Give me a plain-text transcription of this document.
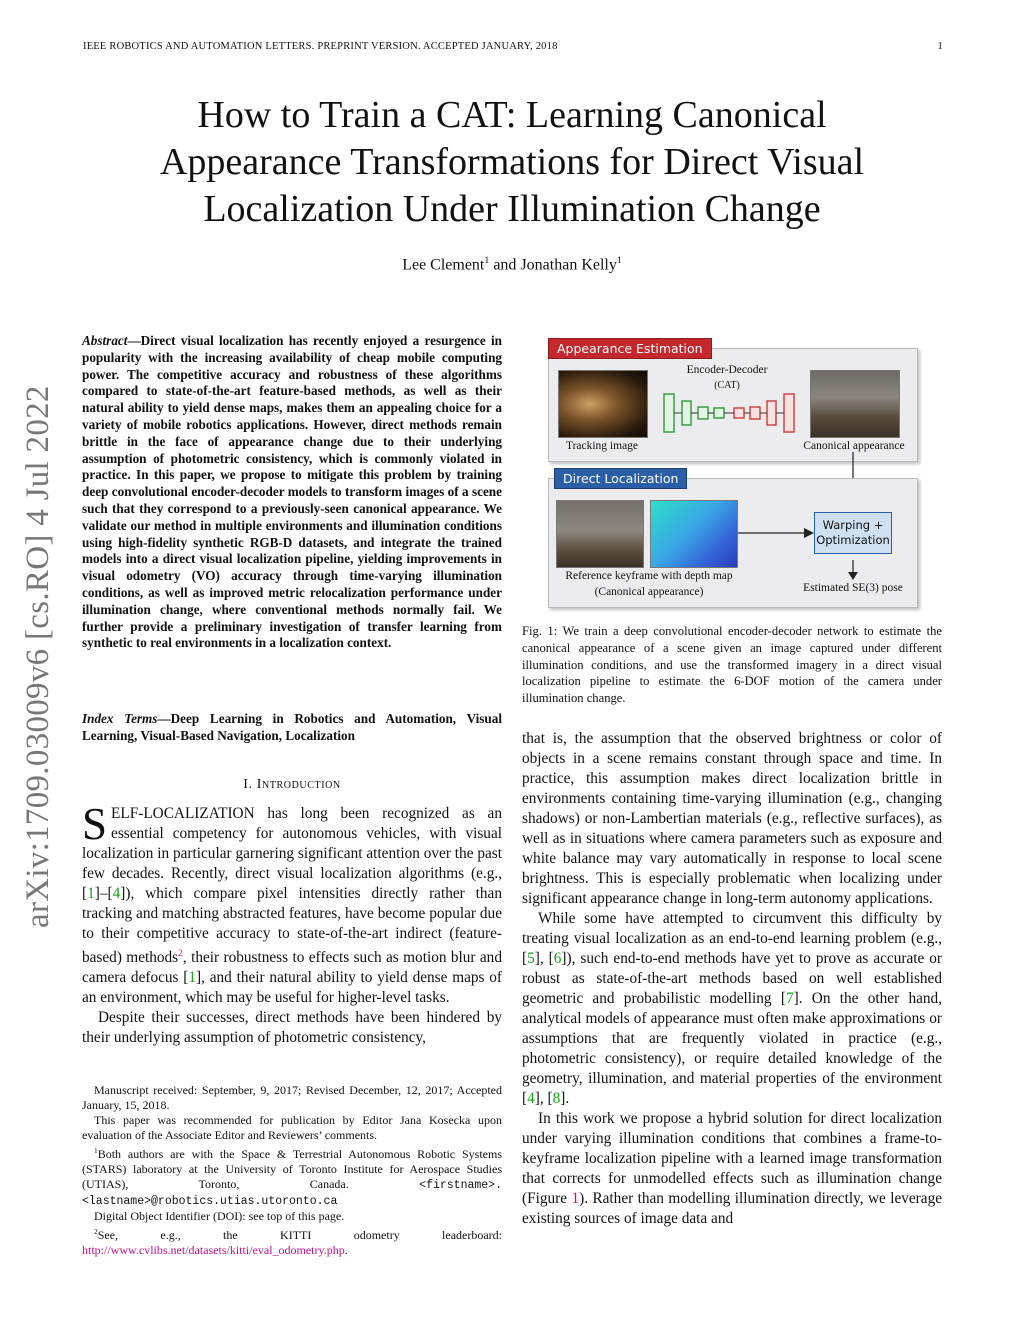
IEEE ROBOTICS AND AUTOMATION LETTERS. PREPRINT VERSION. ACCEPTED JANUARY, 2018	1
How to Train a CAT: Learning Canonical
Appearance Transformations for Direct Visual
Localization Under Illumination Change
Lee Clement$^1$ and Jonathan Kelly$^1$
arXiv:1709.03009v6 [cs.RO] 4 Jul 2022
Abstract—Direct visual localization has recently enjoyed a resurgence in popularity with the increasing availability of cheap mobile computing power. The competitive accuracy and robustness of these algorithms compared to state-of-the-art feature-based methods, as well as their natural ability to yield dense maps, makes them an appealing choice for a variety of mobile robotics applications. However, direct methods remain brittle in the face of appearance change due to their underlying assumption of photometric consistency, which is commonly violated in practice. In this paper, we propose to mitigate this problem by training deep convolutional encoder-decoder models to transform images of a scene such that they correspond to a previously-seen canonical appearance. We validate our method in multiple environments and illumination conditions using high-fidelity synthetic RGB-D datasets, and integrate the trained models into a direct visual localization pipeline, yielding improvements in visual odometry (VO) accuracy through time-varying illumination conditions, as well as improved metric relocalization performance under illumination change, where conventional methods normally fail. We further provide a preliminary investigation of transfer learning from synthetic to real environments in a localization context.
Index Terms—Deep Learning in Robotics and Automation, Visual Learning, Visual-Based Navigation, Localization
I. Introduction

SELF-LOCALIZATION has long been recognized as an essential competency for autonomous vehicles, with visual localization in particular garnering significant attention over the past few decades. Recently, direct visual localization algorithms (e.g., [1]–[4]), which compare pixel intensities directly rather than tracking and matching abstracted features, have become popular due to their competitive accuracy to state-of-the-art indirect (feature-based) methods$^2$, their robustness to effects such as motion blur and camera defocus [1], and their natural ability to yield dense maps of an environment, which may be useful for higher-level tasks.

Despite their successes, direct methods have been hindered by their underlying assumption of photometric consistency,

Manuscript received: September, 9, 2017; Revised December, 12, 2017; Accepted January, 15, 2018.

This paper was recommended for publication by Editor Jana Kosecka upon evaluation of the Associate Editor and Reviewers’ comments.

$^1$Both authors are with the Space & Terrestrial Autonomous Robotic Systems (STARS) laboratory at the University of Toronto Institute for Aerospace Studies (UTIAS), Toronto, Canada.	<firstname>.<lastname>@robotics.utias.utoronto.ca

Digital Object Identifier (DOI): see top of this page.

$^2$See, e.g., the KITTI odometry leaderboard: http://www.cvlibs.net/datasets/kitti/eval_odometry.php.

Appearance Estimation
Tracking image
Encoder-Decoder
(CAT)
Canonical appearance
Direct Localization
Reference keyframe with depth map
(Canonical appearance)
Warping +
Optimization
Estimated SE(3) pose
Fig. 1: We train a deep convolutional encoder-decoder network to estimate the canonical appearance of a scene given an image captured under different illumination conditions, and use the transformed imagery in a direct visual localization pipeline to estimate the 6-DOF motion of the camera under illumination change.

that is, the assumption that the observed brightness or color of objects in a scene remains constant through space and time. In practice, this assumption makes direct localization brittle in environments containing time-varying illumination (e.g., changing shadows) or non-Lambertian materials (e.g., reflective surfaces), as well as in situations where camera parameters such as exposure and white balance may vary automatically in response to local scene brightness. This is especially problematic when localizing under significant appearance change in long-term autonomy applications.

While some have attempted to circumvent this difficulty by treating visual localization as an end-to-end learning problem (e.g., [5], [6]), such end-to-end methods have yet to prove as accurate or robust as state-of-the-art methods based on well established geometric and probabilistic modelling [7]. On the other hand, analytical models of appearance must often make approximations or assumptions that are frequently violated in practice (e.g., photometric consistency), or require detailed knowledge of the geometry, illumination, and material properties of the environment [4], [8].

In this work we propose a hybrid solution for direct localization under varying illumination conditions that combines a frame-to-keyframe localization pipeline with a learned image transformation that corrects for unmodelled effects such as illumination change (Figure 1). Rather than modelling illumination directly, we leverage existing sources of image data and
